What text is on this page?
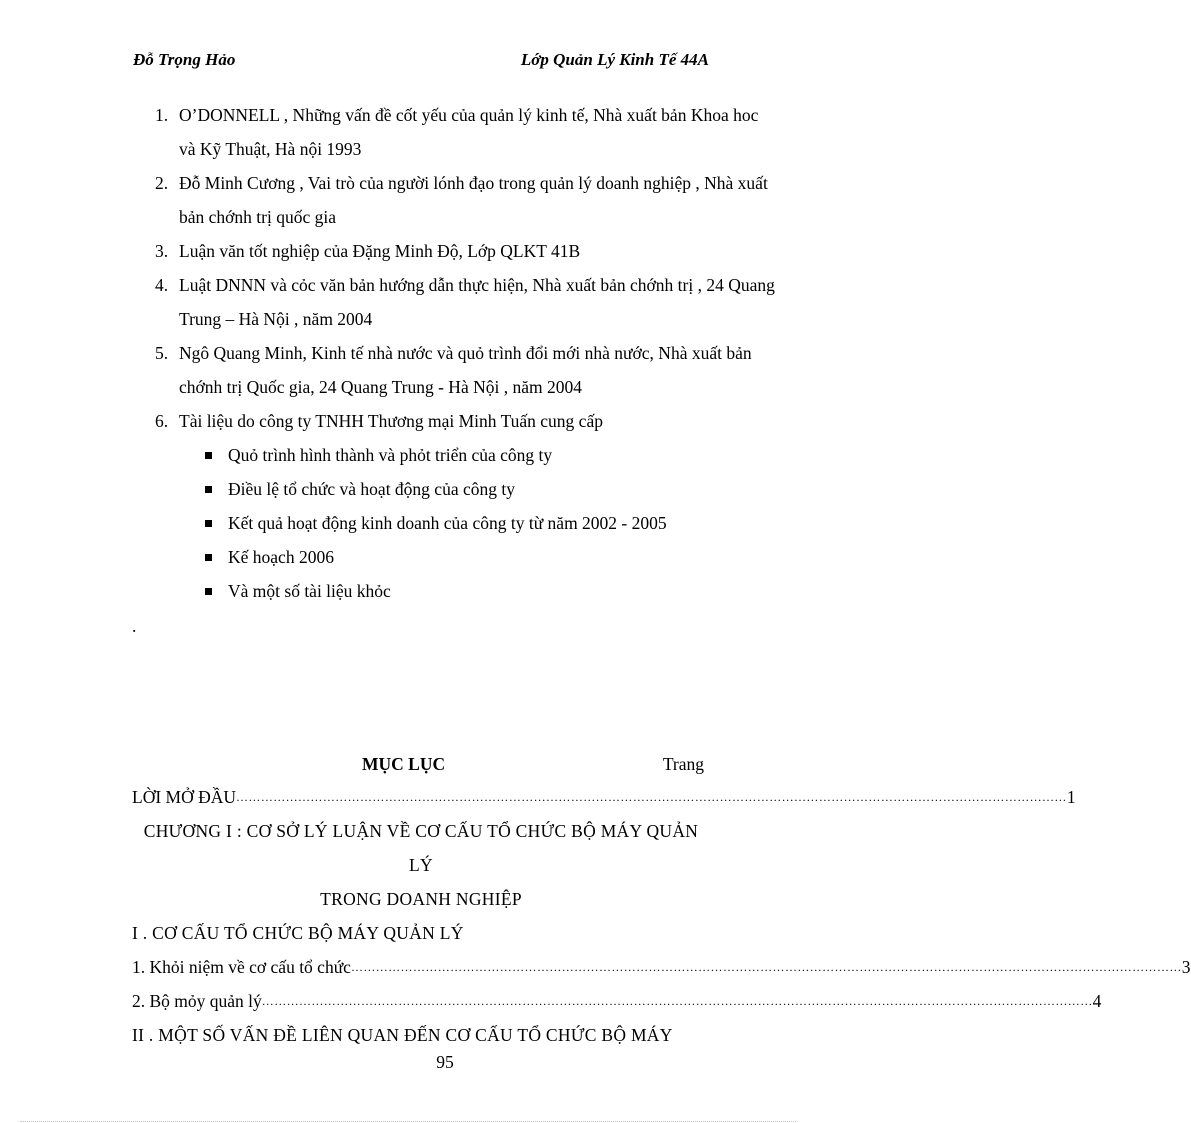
Đỗ Trọng Hảo	Lớp Quản Lý Kinh Tế 44A
1. O’DONNELL , Những vấn đề cốt yếu của quản lý kinh tế, Nhà xuất bản Khoa hoc và Kỹ Thuật, Hà nội 1993
2. Đỗ Minh Cương , Vai trò của người lónh đạo trong quản lý doanh nghiệp , Nhà xuất bản chớnh trị quốc gia
3. Luận văn tốt nghiệp của Đặng Minh Độ, Lớp QLKT 41B
4. Luật DNNN và cỏc văn bản hướng dẫn thực hiện, Nhà xuất bản chớnh trị , 24 Quang Trung – Hà Nội , năm 2004
5. Ngô Quang Minh, Kinh tế nhà nước và quỏ trình đổi mới nhà nước, Nhà xuất bản chớnh trị Quốc gia, 24 Quang Trung - Hà Nội , năm 2004
6. Tài liệu do công ty TNHH Thương mại Minh Tuấn cung cấp
Quỏ trình hình thành và phỏt triển của công ty
Điều lệ tổ chức và hoạt động của công ty
Kết quả hoạt động kinh doanh của công ty từ năm 2002 - 2005
Kế hoạch 2006
Và một số tài liệu khỏc
.
MỤC LỤC	Trang
LỜI MỞ ĐẦU ………………………………………………………………………………………………………………………………………………………………………………… 1
CHƯƠNG I : CƠ SỞ LÝ LUẬN VỀ CƠ CẤU TỔ CHỨC BỘ MÁY QUẢN LÝ
TRONG DOANH NGHIỆP
I . CƠ CẤU TỔ CHỨC BỘ MÁY QUẢN LÝ
1. Khỏi niệm về cơ cấu tổ chức ………………………………………………………………………………………………………………………………………………………………………………… 3
2. Bộ mỏy quản lý ………………………………………………………………………………………………………………………………………………………………………………… 4
II . MỘT SỐ VẤN ĐỀ LIÊN QUAN ĐẾN CƠ CẤU TỔ CHỨC BỘ MÁY
95
